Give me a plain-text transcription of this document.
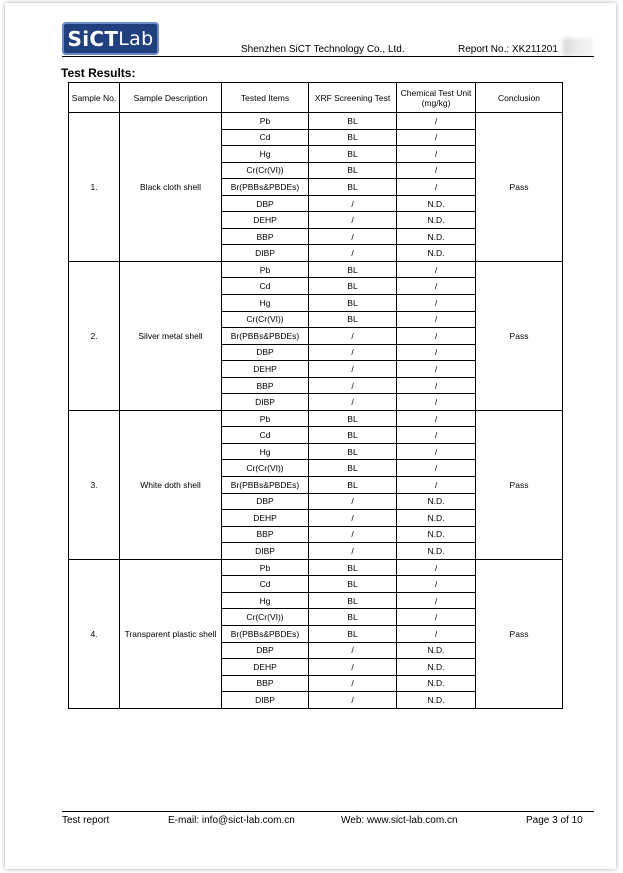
SiCT Lab	Shenzhen SiCT Technology Co., Ltd.	Report No.: XK211201
Test Results:
Sample No.	Sample Description	Tested Items	XRF Screening Test	Chemical Test Unit (mg/kg)	Conclusion
1.	Black cloth shell	Pb	BL	/	Pass
		Cd	BL	/	
		Hg	BL	/	
		Cr(Cr(VI))	BL	/	
		Br(PBBs&PBDEs)	BL	/	
		DBP	/	N.D.	
		DEHP	/	N.D.	
		BBP	/	N.D.	
		DIBP	/	N.D.	
2.	Silver metal shell	Pb	BL	/	Pass
		Cd	BL	/	
		Hg	BL	/	
		Cr(Cr(VI))	BL	/	
		Br(PBBs&PBDEs)	/	/	
		DBP	/	/	
		DEHP	/	/	
		BBP	/	/	
		DIBP	/	/	
3.	White doth shell	Pb	BL	/	Pass
		Cd	BL	/	
		Hg	BL	/	
		Cr(Cr(VI))	BL	/	
		Br(PBBs&PBDEs)	BL	/	
		DBP	/	N.D.	
		DEHP	/	N.D.	
		BBP	/	N.D.	
		DIBP	/	N.D.	
4.	Transparent plastic shell	Pb	BL	/	Pass
		Cd	BL	/	
		Hg	BL	/	
		Cr(Cr(VI))	BL	/	
		Br(PBBs&PBDEs)	BL	/	
		DBP	/	N.D.	
		DEHP	/	N.D.	
		BBP	/	N.D.	
		DIBP	/	N.D.	
Test report	E-mail: info@sict-lab.com.cn	Web: www.sict-lab.com.cn	Page 3 of 10
